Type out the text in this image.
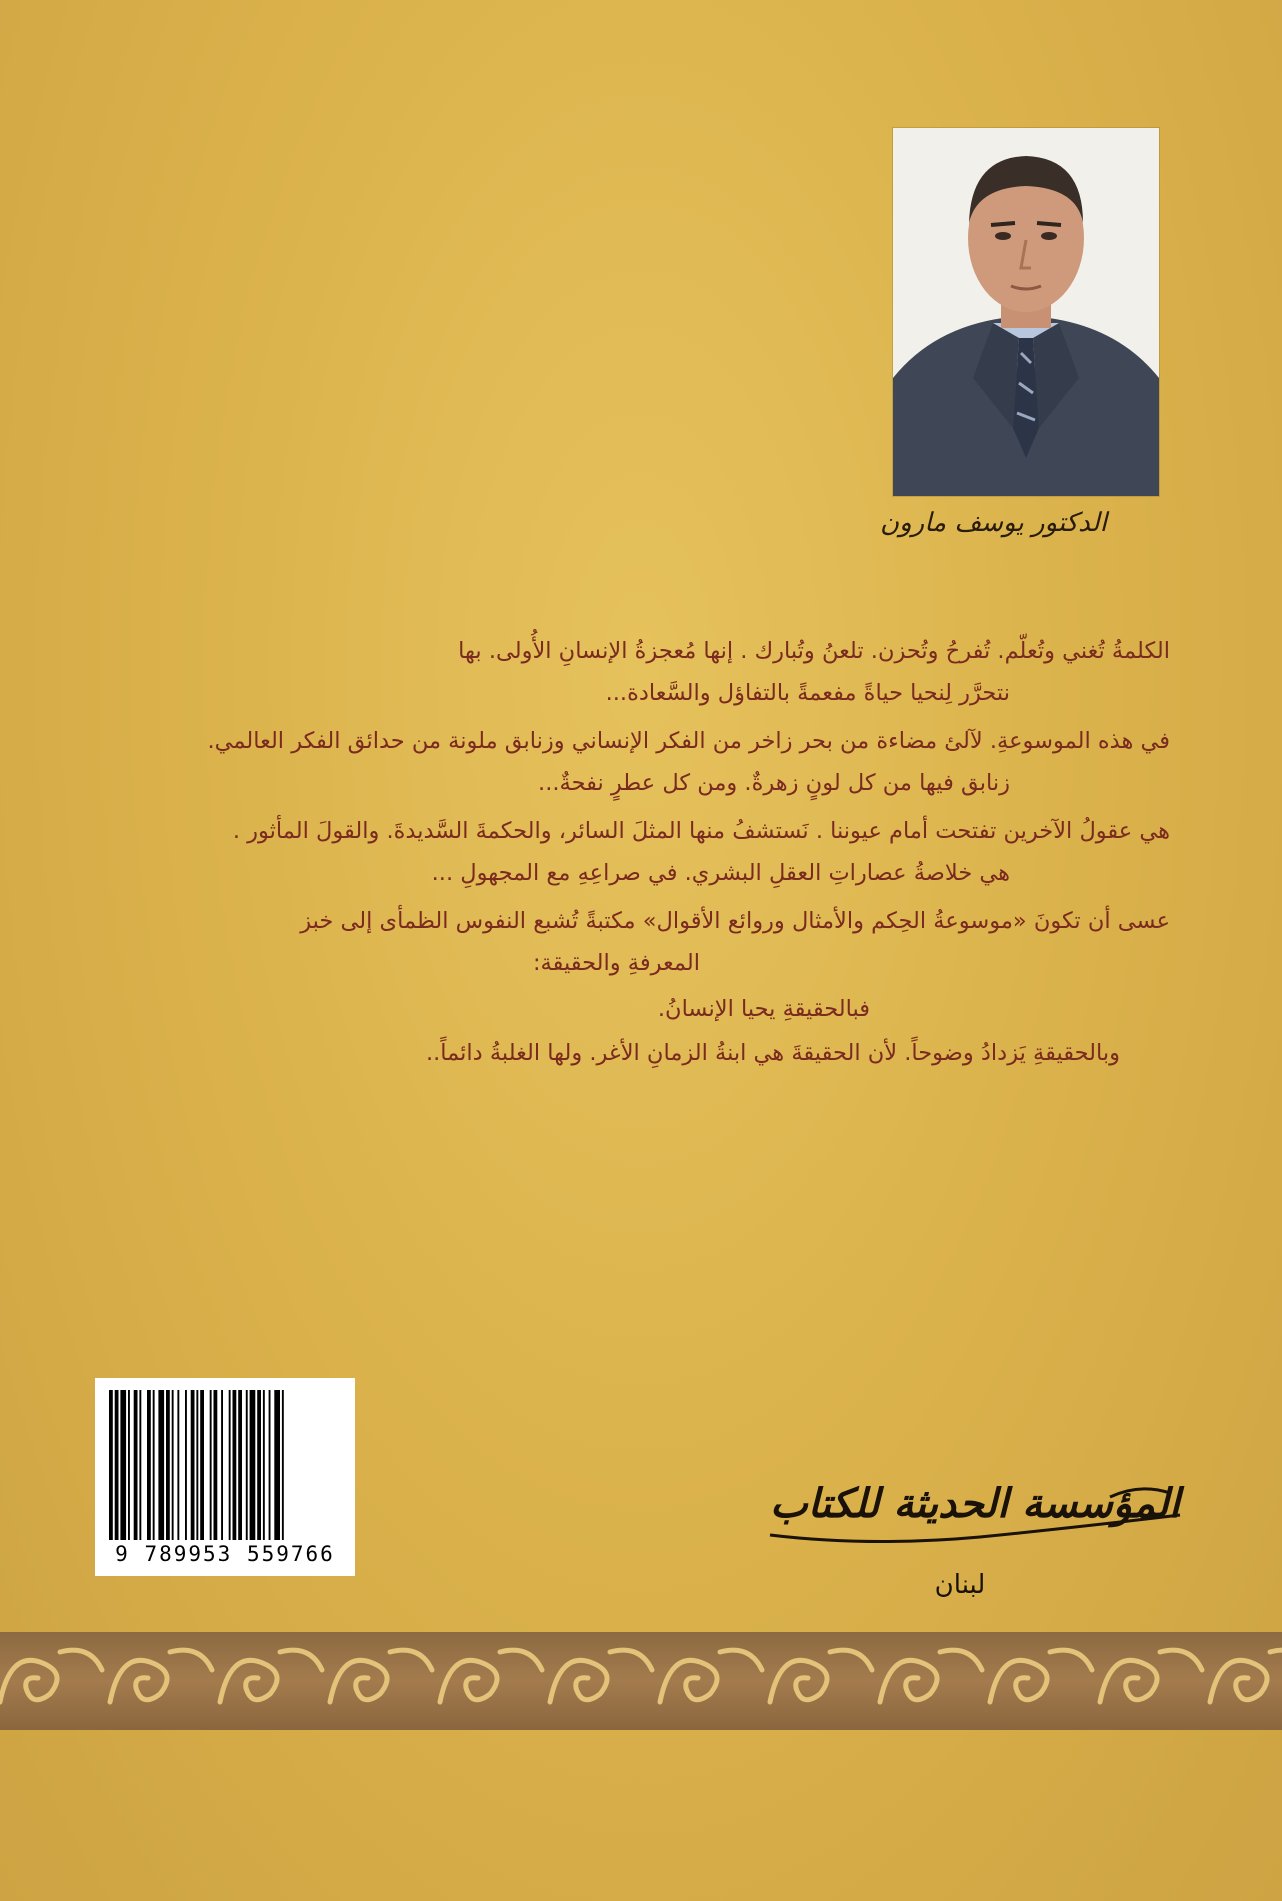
الدكتور يوسف مارون
الكلمةُ تُغني وتُعلّم. تُفرحُ وتُحزن. تلعنُ وتُبارك . إنها مُعجزةُ الإنسانِ الأُولى. بها
نتحرَّر لِنحيا حياةً مفعمةً بالتفاؤل والسَّعادة...
في هذه الموسوعةِ. لآلئ مضاءة من بحر زاخر من الفكر الإنساني وزنابق ملونة من حدائق الفكر العالمي.
زنابق فيها من كل لونٍ زهرةٌ. ومن كل عطرٍ نفحةٌ...
هي عقولُ الآخرين تفتحت أمام عيوننا . نَستشفُ منها المثلَ السائر، والحكمةَ السَّديدةَ. والقولَ المأثور .
هي خلاصةُ عصاراتِ العقلِ البشري. في صراعِهِ مع المجهولِ ...
عسى أن تكونَ «موسوعةُ الحِكم والأمثال وروائع الأقوال» مكتبةً تُشبع النفوس الظمأى إلى خبز
المعرفةِ والحقيقة:
فبالحقيقةِ يحيا الإنسانُ.
وبالحقيقةِ يَزدادُ وضوحاً. لأن الحقيقةَ هي ابنةُ الزمانِ الأغر. ولها الغلبةُ دائماً..
9 789953 559766
المؤسسة الحديثة للكتاب
لبنان
